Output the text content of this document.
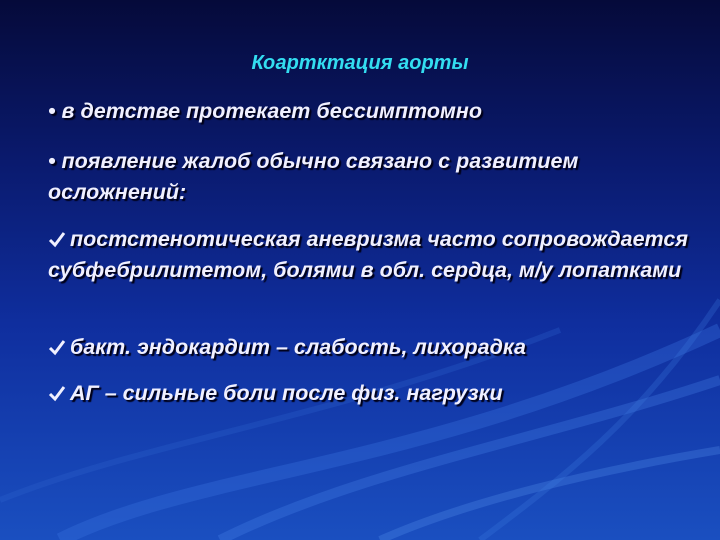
Коартктация аорты
• в детстве протекает бессимптомно
• появление жалоб обычно связано с развитием осложнений:
постстенотическая аневризма часто сопровождается субфебрилитетом, болями в обл. сердца, м/у лопатками
бакт. эндокардит – слабость, лихорадка
АГ – сильные боли после физ. нагрузки
